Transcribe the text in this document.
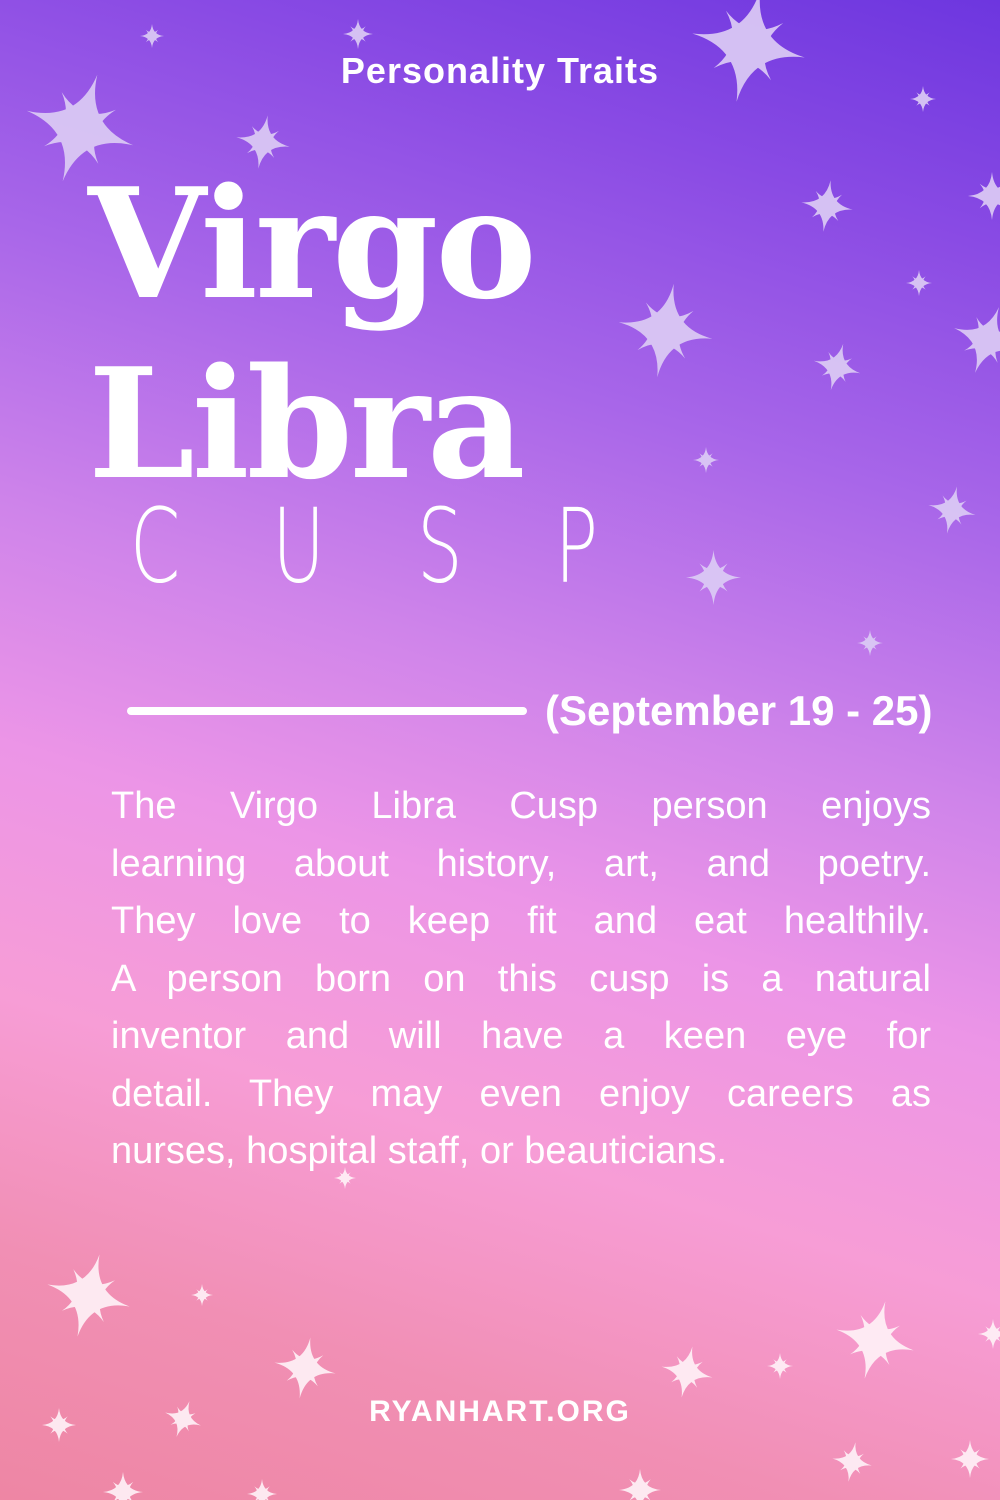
Personality Traits
Virgo
Libra
CUSP
(September 19 - 25)
The Virgo Libra Cusp person enjoys
learning about history, art, and poetry.
They love to keep fit and eat healthily.
A person born on this cusp is a natural
inventor and will have a keen eye for
detail. They may even enjoy careers as
nurses, hospital staff, or beauticians.
RYANHART.ORG
